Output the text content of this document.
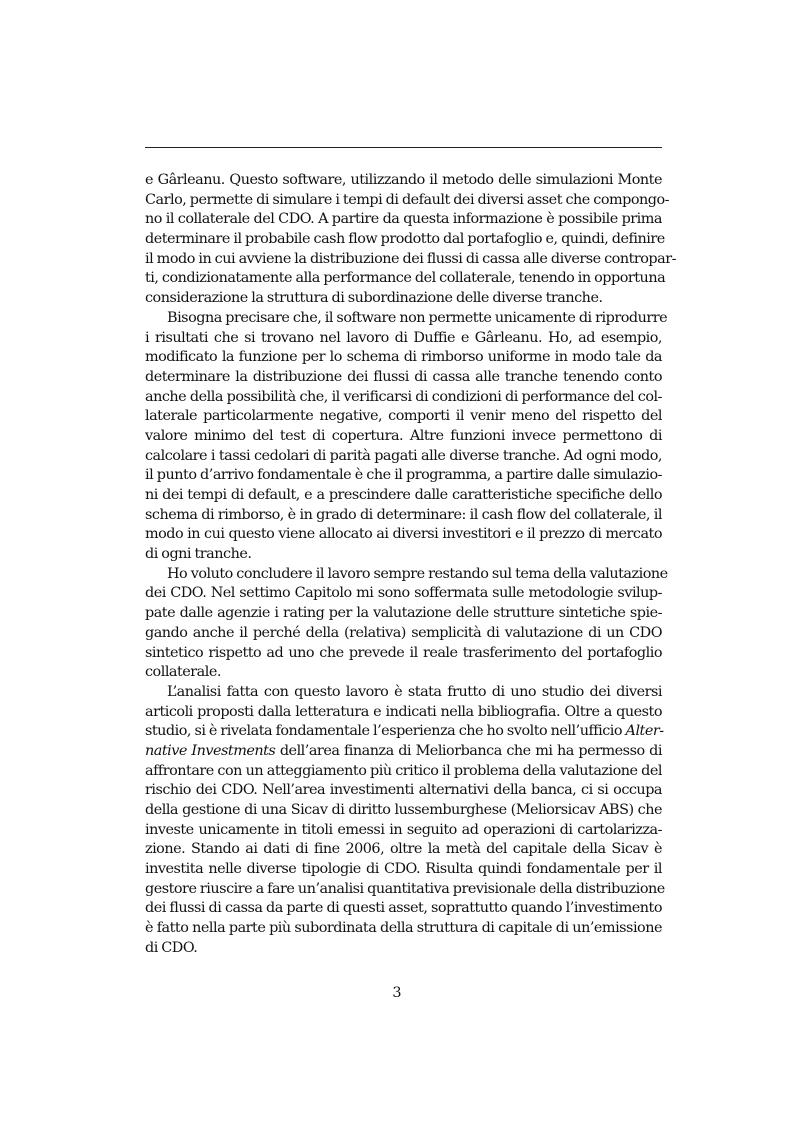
e Gârleanu. Questo software, utilizzando il metodo delle simulazioni Monte
Carlo, permette di simulare i tempi di default dei diversi asset che compongo-
no il collaterale del CDO. A partire da questa informazione è possibile prima
determinare il probabile cash flow prodotto dal portafoglio e, quindi, definire
il modo in cui avviene la distribuzione dei flussi di cassa alle diverse contropar-
ti, condizionatamente alla performance del collaterale, tenendo in opportuna
considerazione la struttura di subordinazione delle diverse tranche.
Bisogna precisare che, il software non permette unicamente di riprodurre
i risultati che si trovano nel lavoro di Duffie e Gârleanu. Ho, ad esempio,
modificato la funzione per lo schema di rimborso uniforme in modo tale da
determinare la distribuzione dei flussi di cassa alle tranche tenendo conto
anche della possibilità che, il verificarsi di condizioni di performance del col-
laterale particolarmente negative, comporti il venir meno del rispetto del
valore minimo del test di copertura. Altre funzioni invece permettono di
calcolare i tassi cedolari di parità pagati alle diverse tranche. Ad ogni modo,
il punto d’arrivo fondamentale è che il programma, a partire dalle simulazio-
ni dei tempi di default, e a prescindere dalle caratteristiche specifiche dello
schema di rimborso, è in grado di determinare: il cash flow del collaterale, il
modo in cui questo viene allocato ai diversi investitori e il prezzo di mercato
di ogni tranche.
Ho voluto concludere il lavoro sempre restando sul tema della valutazione
dei CDO. Nel settimo Capitolo mi sono soffermata sulle metodologie svilup-
pate dalle agenzie i rating per la valutazione delle strutture sintetiche spie-
gando anche il perché della (relativa) semplicità di valutazione di un CDO
sintetico rispetto ad uno che prevede il reale trasferimento del portafoglio
collaterale.
L’analisi fatta con questo lavoro è stata frutto di uno studio dei diversi
articoli proposti dalla letteratura e indicati nella bibliografia. Oltre a questo
studio, si è rivelata fondamentale l’esperienza che ho svolto nell’ufficio Alter-
native Investments dell’area finanza di Meliorbanca che mi ha permesso di
affrontare con un atteggiamento più critico il problema della valutazione del
rischio dei CDO. Nell’area investimenti alternativi della banca, ci si occupa
della gestione di una Sicav di diritto lussemburghese (Meliorsicav ABS) che
investe unicamente in titoli emessi in seguito ad operazioni di cartolarizza-
zione. Stando ai dati di fine 2006, oltre la metà del capitale della Sicav è
investita nelle diverse tipologie di CDO. Risulta quindi fondamentale per il
gestore riuscire a fare un’analisi quantitativa previsionale della distribuzione
dei flussi di cassa da parte di questi asset, soprattutto quando l’investimento
è fatto nella parte più subordinata della struttura di capitale di un’emissione
di CDO.
3
